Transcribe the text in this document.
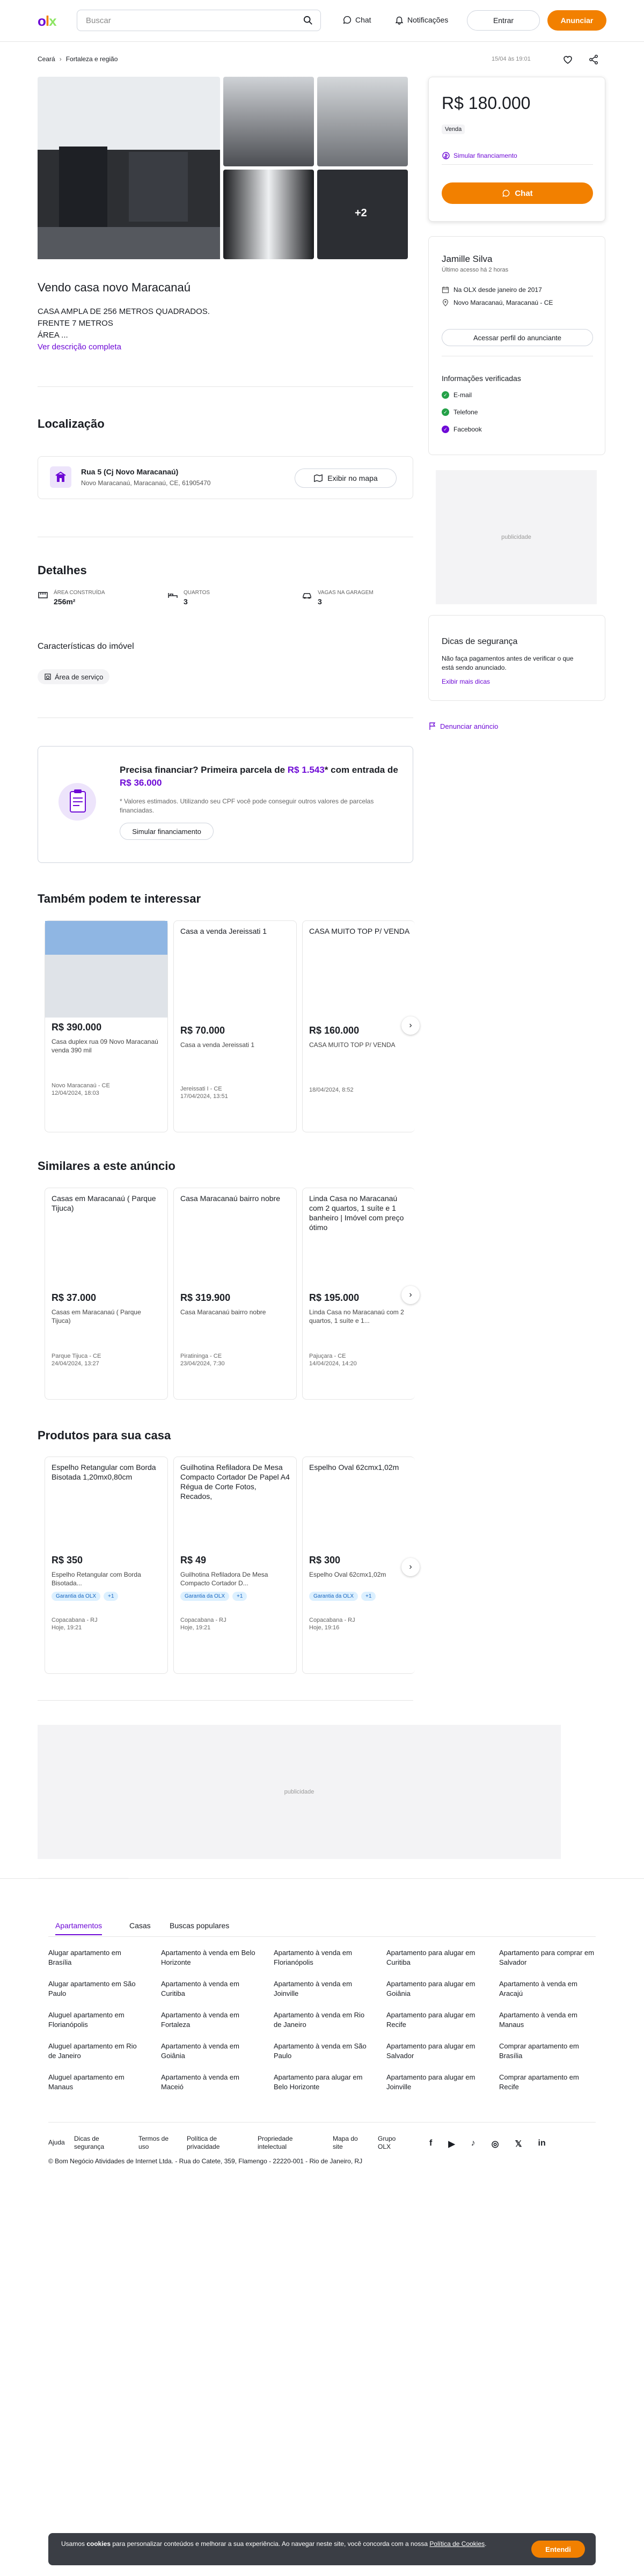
olx	Buscar	Chat	Notificações	Entrar	Anunciar
Ceará › Fortaleza e região	15/04 às 19:01
+2
Vendo casa novo Maracanaú
CASA AMPLA DE 256 METROS QUADRADOS.
FRENTE 7 METROS
ÁREA ...
Ver descrição completa
Localização
Rua 5 (Cj Novo Maracanaú)
Novo Maracanaú, Maracanaú, CE, 61905470
Exibir no mapa
Detalhes
ÁREA CONSTRUÍDA
256m²
QUARTOS
3
VAGAS NA GARAGEM
3
Características do imóvel
Área de serviço
Precisa financiar? Primeira parcela de R$ 1.543* com entrada de R$ 36.000
* Valores estimados. Utilizando seu CPF você pode conseguir outros valores de parcelas financiadas.
Simular financiamento
Também podem te interessar
R$ 390.000
Casa duplex rua 09 Novo Maracanaú venda 390 mil
Novo Maracanaú - CE
12/04/2024, 18:03
Casa a venda Jereissati 1
R$ 70.000
Casa a venda Jereissati 1
Jereissati I - CE
17/04/2024, 13:51
CASA MUITO TOP P/ VENDA
R$ 160.000
CASA MUITO TOP P/ VENDA
18/04/2024, 8:52
›
Similares a este anúncio
Casas em Maracanaú ( Parque Tijuca)
R$ 37.000
Casas em Maracanaú ( Parque Tijuca)
Parque Tijuca - CE
24/04/2024, 13:27
Casa Maracanaú bairro nobre
R$ 319.900
Casa Maracanaú bairro nobre
Piratininga - CE
23/04/2024, 7:30
Linda Casa no Maracanaú com 2 quartos, 1 suíte e 1 banheiro | Imóvel com preço ótimo
R$ 195.000
Linda Casa no Maracanaú com 2 quartos, 1 suíte e 1...
Pajuçara - CE
14/04/2024, 14:20
›
Produtos para sua casa
Espelho Retangular com Borda Bisotada 1,20mx0,80cm
R$ 350
Espelho Retangular com Borda Bisotada...
Garantia da OLX	+1
Copacabana - RJ
Hoje, 19:21
Guilhotina Refiladora De Mesa Compacto Cortador De Papel A4 Régua de Corte Fotos, Recados,
R$ 49
Guilhotina Refiladora De Mesa Compacto Cortador D...
Garantia da OLX	+1
Copacabana - RJ
Hoje, 19:21
Espelho Oval 62cmx1,02m
R$ 300
Espelho Oval 62cmx1,02m
Garantia da OLX	+1
Copacabana - RJ
Hoje, 19:16
›
publicidade
R$ 180.000
Venda
Simular financiamento
Chat
Jamille Silva
Último acesso há 2 horas
Na OLX desde janeiro de 2017
Novo Maracanaú, Maracanaú - CE
Acessar perfil do anunciante
Informações verificadas
✓ E-mail
✓ Telefone
✓ Facebook
publicidade
Dicas de segurança
Não faça pagamentos antes de verificar o que está sendo anunciado.
Exibir mais dicas
Denunciar anúncio
Apartamentos	Casas	Buscas populares
Alugar apartamento em Brasília
Apartamento à venda em Belo Horizonte
Apartamento à venda em Florianópolis
Apartamento para alugar em Curitiba
Apartamento para comprar em Salvador
Alugar apartamento em São Paulo
Apartamento à venda em Curitiba
Apartamento à venda em Joinville
Apartamento para alugar em Goiânia
Apartamento à venda em Aracajú
Aluguel apartamento em Florianópolis
Apartamento à venda em Fortaleza
Apartamento à venda em Rio de Janeiro
Apartamento para alugar em Recife
Apartamento à venda em Manaus
Aluguel apartamento em Rio de Janeiro
Apartamento à venda em Goiânia
Apartamento à venda em São Paulo
Apartamento para alugar em Salvador
Comprar apartamento em Brasília
Aluguel apartamento em Manaus
Apartamento à venda em Maceió
Apartamento para alugar em Belo Horizonte
Apartamento para alugar em Joinville
Comprar apartamento em Recife
Ajuda Dicas de segurança
Termos de uso
Política de privacidade
Propriedade intelectual
Mapa do site
Grupo OLX	f ▶ ♪ ◎ 𝕏 in
© Bom Negócio Atividades de Internet Ltda. - Rua do Catete, 359, Flamengo - 22220-001 - Rio de Janeiro, RJ
Usamos cookies para personalizar conteúdos e melhorar a sua experiência. Ao navegar neste site, você concorda com a nossa Política de Cookies.
Entendi
